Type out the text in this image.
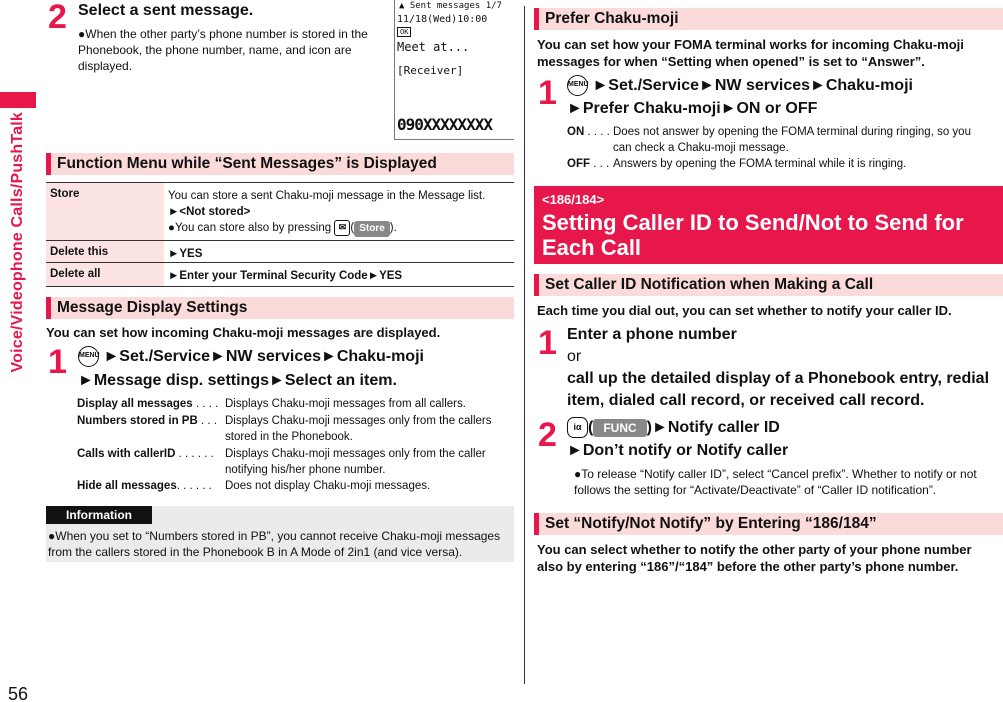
Voice/Videophone Calls/PushTalk
56
2 Select a sent message.
●When the other party’s phone number is stored in the Phonebook, the phone number, name, and icon are displayed.
▲ Sent messages 1/7
11/18(Wed)10:00
OK
Meet at...
[Receiver]
090XXXXXXXX
Function Menu while “Sent Messages” is Displayed
Store	You can store a sent Chaku-moji message in the Message list.
►<Not stored>
●You can store also by pressing ✉ ( Store ).
Delete this	►YES
Delete all	►Enter your Terminal Security Code►YES
Message Display Settings
You can set how incoming Chaku-moji messages are displayed.
1 MENU ►Set./Service►NW services►Chaku-moji
►Message disp. settings►Select an item.
Display all messages . . . . Displays Chaku-moji messages from all callers.
Numbers stored in PB . . . Displays Chaku-moji messages only from the callers
stored in the Phonebook.
Calls with callerID . . . . . . Displays Chaku-moji messages only from the caller
notifying his/her phone number.
Hide all messages. . . . . . Does not display Chaku-moji messages.
Information
●When you set to “Numbers stored in PB”, you cannot receive Chaku-moji messages from the callers stored in the Phonebook B in A Mode of 2in1 (and vice versa).
Prefer Chaku-moji
You can set how your FOMA terminal works for incoming Chaku-moji messages for when “Setting when opened” is set to “Answer”.
1 MENU ►Set./Service►NW services►Chaku-moji
►Prefer Chaku-moji►ON or OFF
ON . . . . Does not answer by opening the FOMA terminal during ringing, so you
can check a Chaku-moji message.
OFF . . . Answers by opening the FOMA terminal while it is ringing.
<186/184>
Setting Caller ID to Send/Not to Send for Each Call
Set Caller ID Notification when Making a Call
Each time you dial out, you can set whether to notify your caller ID.
1 Enter a phone number
or
call up the detailed display of a Phonebook entry, redial item, dialed call record, or received call record.
2	iα ( FUNC )►Notify caller ID
►Don’t notify or Notify caller
●To release “Notify caller ID”, select “Cancel prefix”. Whether to notify or not follows the setting for “Activate/Deactivate” of “Caller ID notification”.
Set “Notify/Not Notify” by Entering “186/184”
You can select whether to notify the other party of your phone number also by entering “186”/“184” before the other party’s phone number.
